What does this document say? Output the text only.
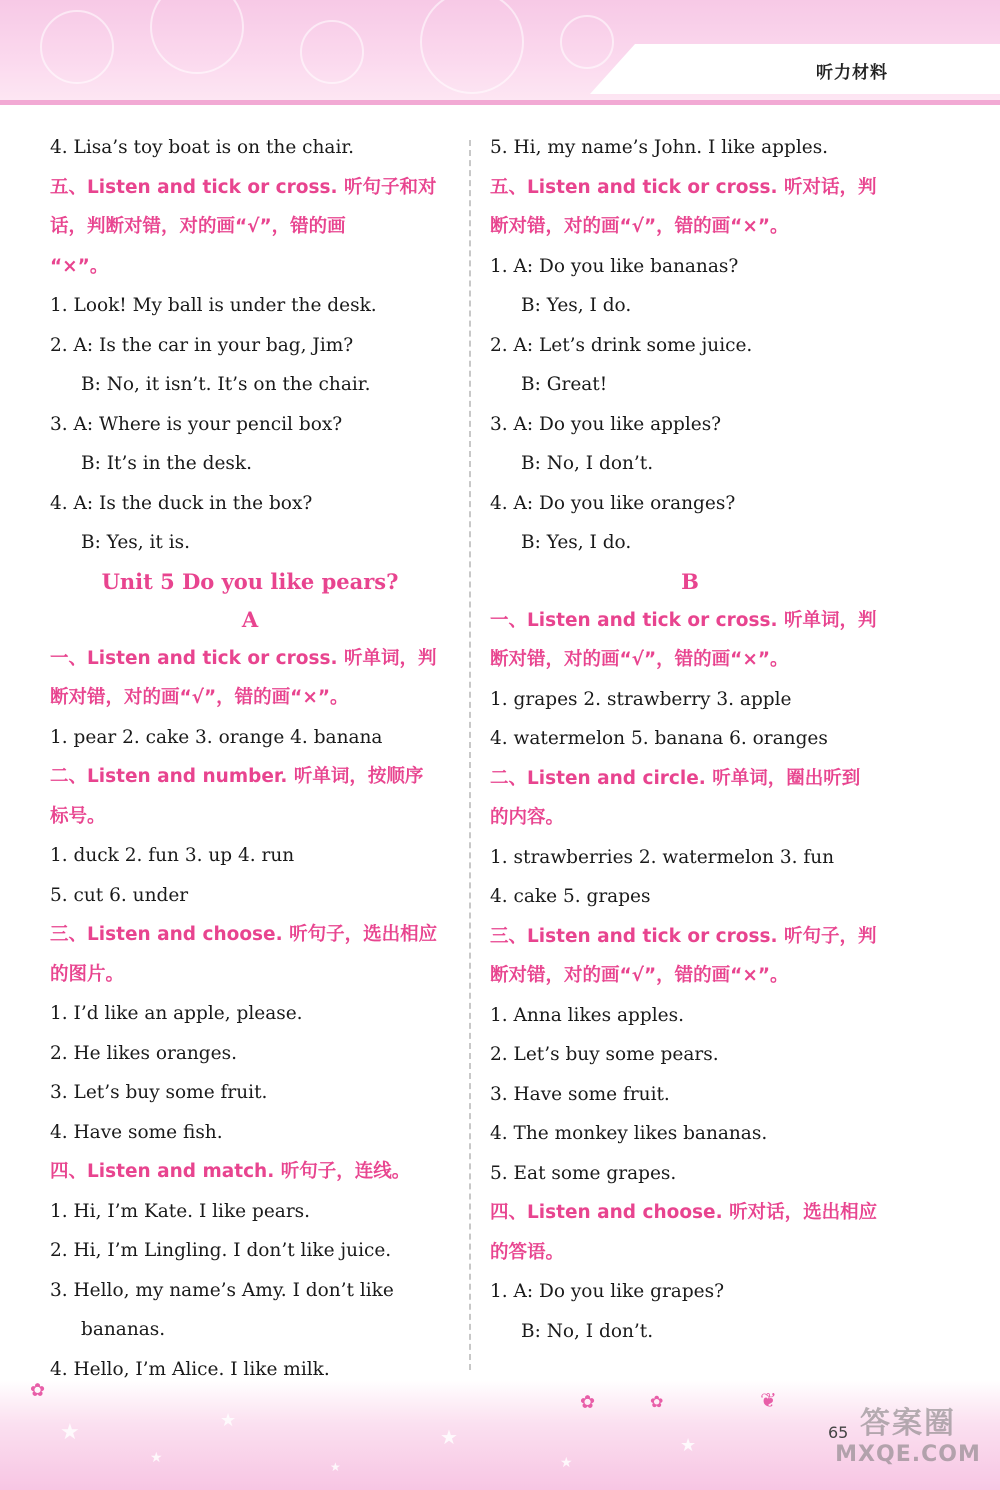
听力材料
4. Lisa’s toy boat is on the chair.
五、Listen and tick or cross. 听句子和对
话，判断对错，对的画“√”，错的画
“×”。
1. Look! My ball is under the desk.
2. A: Is the car in your bag, Jim?
B: No, it isn’t. It’s on the chair.
3. A: Where is your pencil box?
B: It’s in the desk.
4. A: Is the duck in the box?
B: Yes, it is.
Unit 5 Do you like pears?
A
一、Listen and tick or cross. 听单词，判
断对错，对的画“√”，错的画“×”。
1. pear 2. cake 3. orange 4. banana
二、Listen and number. 听单词，按顺序
标号。
1. duck 2. fun 3. up 4. run
5. cut 6. under
三、Listen and choose. 听句子，选出相应
的图片。
1. I’d like an apple, please.
2. He likes oranges.
3. Let’s buy some fruit.
4. Have some fish.
四、Listen and match. 听句子，连线。
1. Hi, I’m Kate. I like pears.
2. Hi, I’m Lingling. I don’t like juice.
3. Hello, my name’s Amy. I don’t like
bananas.
4. Hello, I’m Alice. I like milk.
5. Hi, my name’s John. I like apples.
五、Listen and tick or cross. 听对话，判
断对错，对的画“√”，错的画“×”。
1. A: Do you like bananas?
B: Yes, I do.
2. A: Let’s drink some juice.
B: Great!
3. A: Do you like apples?
B: No, I don’t.
4. A: Do you like oranges?
B: Yes, I do.
B
一、Listen and tick or cross. 听单词，判
断对错，对的画“√”，错的画“×”。
1. grapes 2. strawberry 3. apple
4. watermelon 5. banana 6. oranges
二、Listen and circle. 听单词，圈出听到
的内容。
1. strawberries 2. watermelon 3. fun
4. cake 5. grapes
三、Listen and tick or cross. 听句子，判
断对错，对的画“√”，错的画“×”。
1. Anna likes apples.
2. Let’s buy some pears.
3. Have some fruit.
4. The monkey likes bananas.
5. Eat some grapes.
四、Listen and choose. 听对话，选出相应
的答语。
1. A: Do you like grapes?
B: No, I don’t.
★
★
★
★
★
★
★
✿
✿	✿	❦
65 答案圈
MXQE.COM
